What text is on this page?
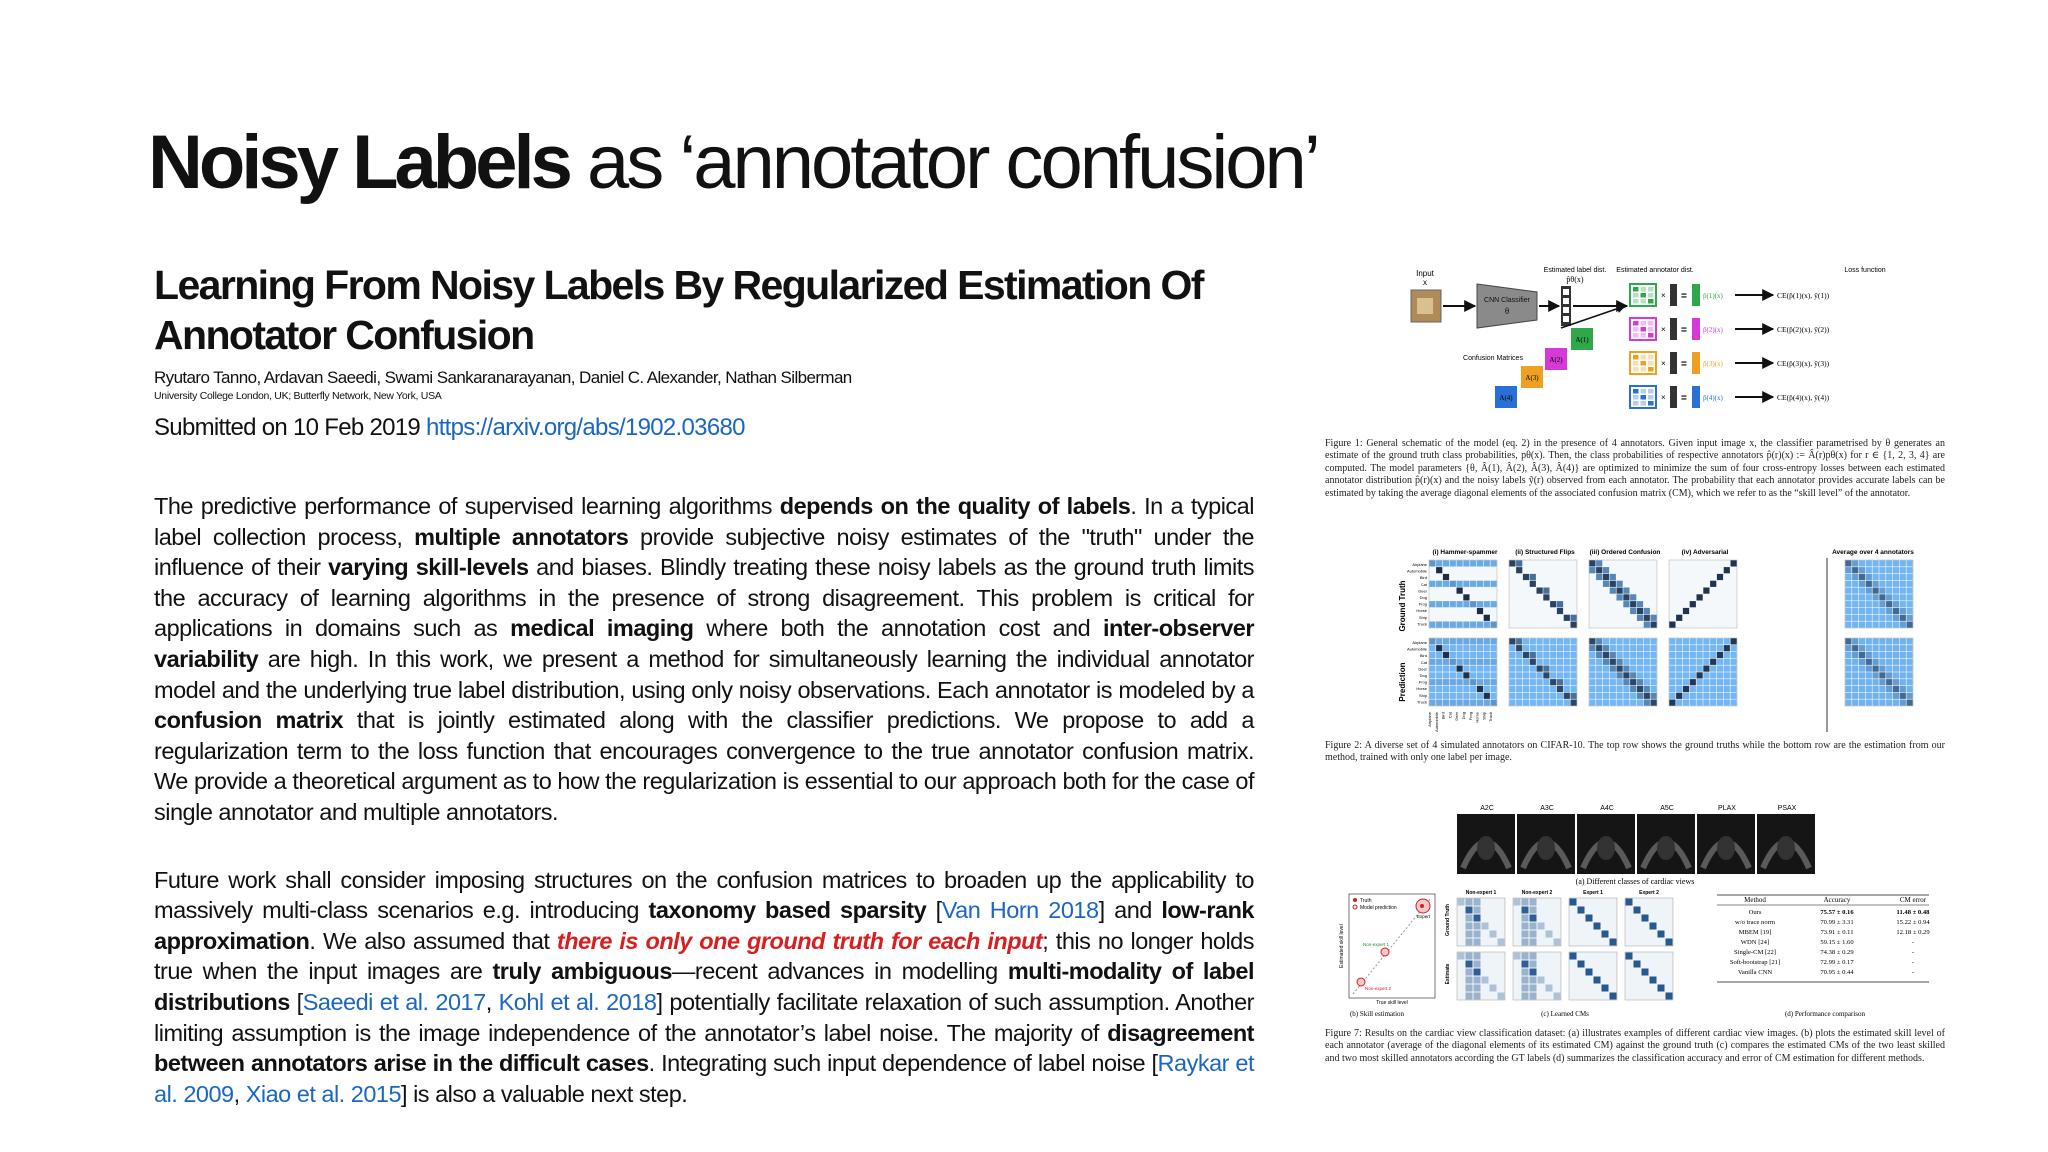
Noisy Labels as ‘annotator confusion’
Learning From Noisy Labels By Regularized Estimation Of Annotator Confusion
Ryutaro Tanno, Ardavan Saeedi, Swami Sankaranarayanan, Daniel C. Alexander, Nathan Silberman
University College London, UK; Butterfly Network, New York, USA
Submitted on 10 Feb 2019 https://arxiv.org/abs/1902.03680
The predictive performance of supervised learning algorithms depends on the quality of labels. In a typical label collection process, multiple annotators provide subjective noisy estimates of the "truth" under the influence of their varying skill-levels and biases. Blindly treating these noisy labels as the ground truth limits the accuracy of learning algorithms in the presence of strong disagreement. This problem is critical for applications in domains such as medical imaging where both the annotation cost and inter-observer variability are high. In this work, we present a method for simultaneously learning the individual annotator model and the underlying true label distribution, using only noisy observations. Each annotator is modeled by a confusion matrix that is jointly estimated along with the classifier predictions. We propose to add a regularization term to the loss function that encourages convergence to the true annotator confusion matrix. We provide a theoretical argument as to how the regularization is essential to our approach both for the case of single annotator and multiple annotators.
Future work shall consider imposing structures on the confusion matrices to broaden up the applicability to massively multi-class scenarios e.g. introducing taxonomy based sparsity [Van Horn 2018] and low-rank approximation. We also assumed that there is only one ground truth for each input; this no longer holds true when the input images are truly ambiguous—recent advances in modelling multi-modality of label distributions [Saeedi et al. 2017, Kohl et al. 2018] potentially facilitate relaxation of such assumption. Another limiting assumption is the image independence of the annotator’s label noise. The majority of disagreement between annotators arise in the difficult cases. Integrating such input dependence of label noise [Raykar et al. 2009, Xiao et al. 2015] is also a valuable next step.
Input
x
CNN Classifier
θ
Estimated label dist.
p̂θ(x)
Estimated annotator dist.	Loss function
Confusion Matrices
× = p̂(1)(x)	CE(p̂(1)(x), ỹ(1))
× = p̂(2)(x)	CE(p̂(2)(x), ỹ(2))
× = p̂(3)(x)	CE(p̂(3)(x), ỹ(3))
× = p̂(4)(x)	CE(p̂(4)(x), ỹ(4))
A(1)
A(2)
A(3)
A(4)
Figure 1: General schematic of the model (eq. 2) in the presence of 4 annotators. Given input image x, the classifier parametrised by θ generates an estimate of the ground truth class probabilities, pθ(x). Then, the class probabilities of respective annotators p̂(r)(x) := Â(r)pθ(x) for r ∈ {1, 2, 3, 4} are computed. The model parameters {θ, Â(1), Â(2), Â(3), Â(4)} are optimized to minimize the sum of four cross-entropy losses between each estimated annotator distribution p̂(r)(x) and the noisy labels ỹ(r) observed from each annotator. The probability that each annotator provides accurate labels can be estimated by taking the average diagonal elements of the associated confusion matrix (CM), which we refer to as the “skill level” of the annotator.
(i) Hammer-spammer	(ii) Structured Flips (iii) Ordered Confusion	(iv) Adversarial	Average over 4 annotators
Ground Truth
Prediction
Airplane
Airplane
Automobile
Automobile
Bird
Bird
Cat
Cat
Deer
Deer
Dog
Dog
Frog
Frog
Horse
Horse
Ship
Ship
Truck
Truck
Airplane Automobile Bird Cat Deer Dog Frog Horse Ship Truck
Figure 2: A diverse set of 4 simulated annotators on CIFAR-10. The top row shows the ground truths while the bottom row are the estimation from our method, trained with only one label per image.
A2C	A3C	A4C	A5C	PLAX	PSAX
(a) Different classes of cardiac views
Truth
Model prediction
Expert
Non-expert 1
Non-expert 2
Estimated skill level
True skill level
(b) Skill estimation
Ground Truth
Estimate
Non-expert 1	Non-expert 2	Expert 1	Expert 2
(c) Learned CMs
Method	Accuracy	CM error
Ours	75.57 ± 0.16	11.48 ± 0.48
w/o trace norm	70.99 ± 3.31	15.22 ± 0.94
MBEM [19]	73.91 ± 0.11	12.18 ± 0.29
WDN [24]	59.15 ± 1.60	-
Single-CM [22]	74.38 ± 0.29	-
Soft-bootstrap [21]	72.99 ± 0.17	-
Vanilla CNN	70.95 ± 0.44	-
(d) Performance comparison
Figure 7: Results on the cardiac view classification dataset: (a) illustrates examples of different cardiac view images. (b) plots the estimated skill level of each annotator (average of the diagonal elements of its estimated CM) against the ground truth (c) compares the estimated CMs of the two least skilled and two most skilled annotators according the GT labels (d) summarizes the classification accuracy and error of CM estimation for different methods.
